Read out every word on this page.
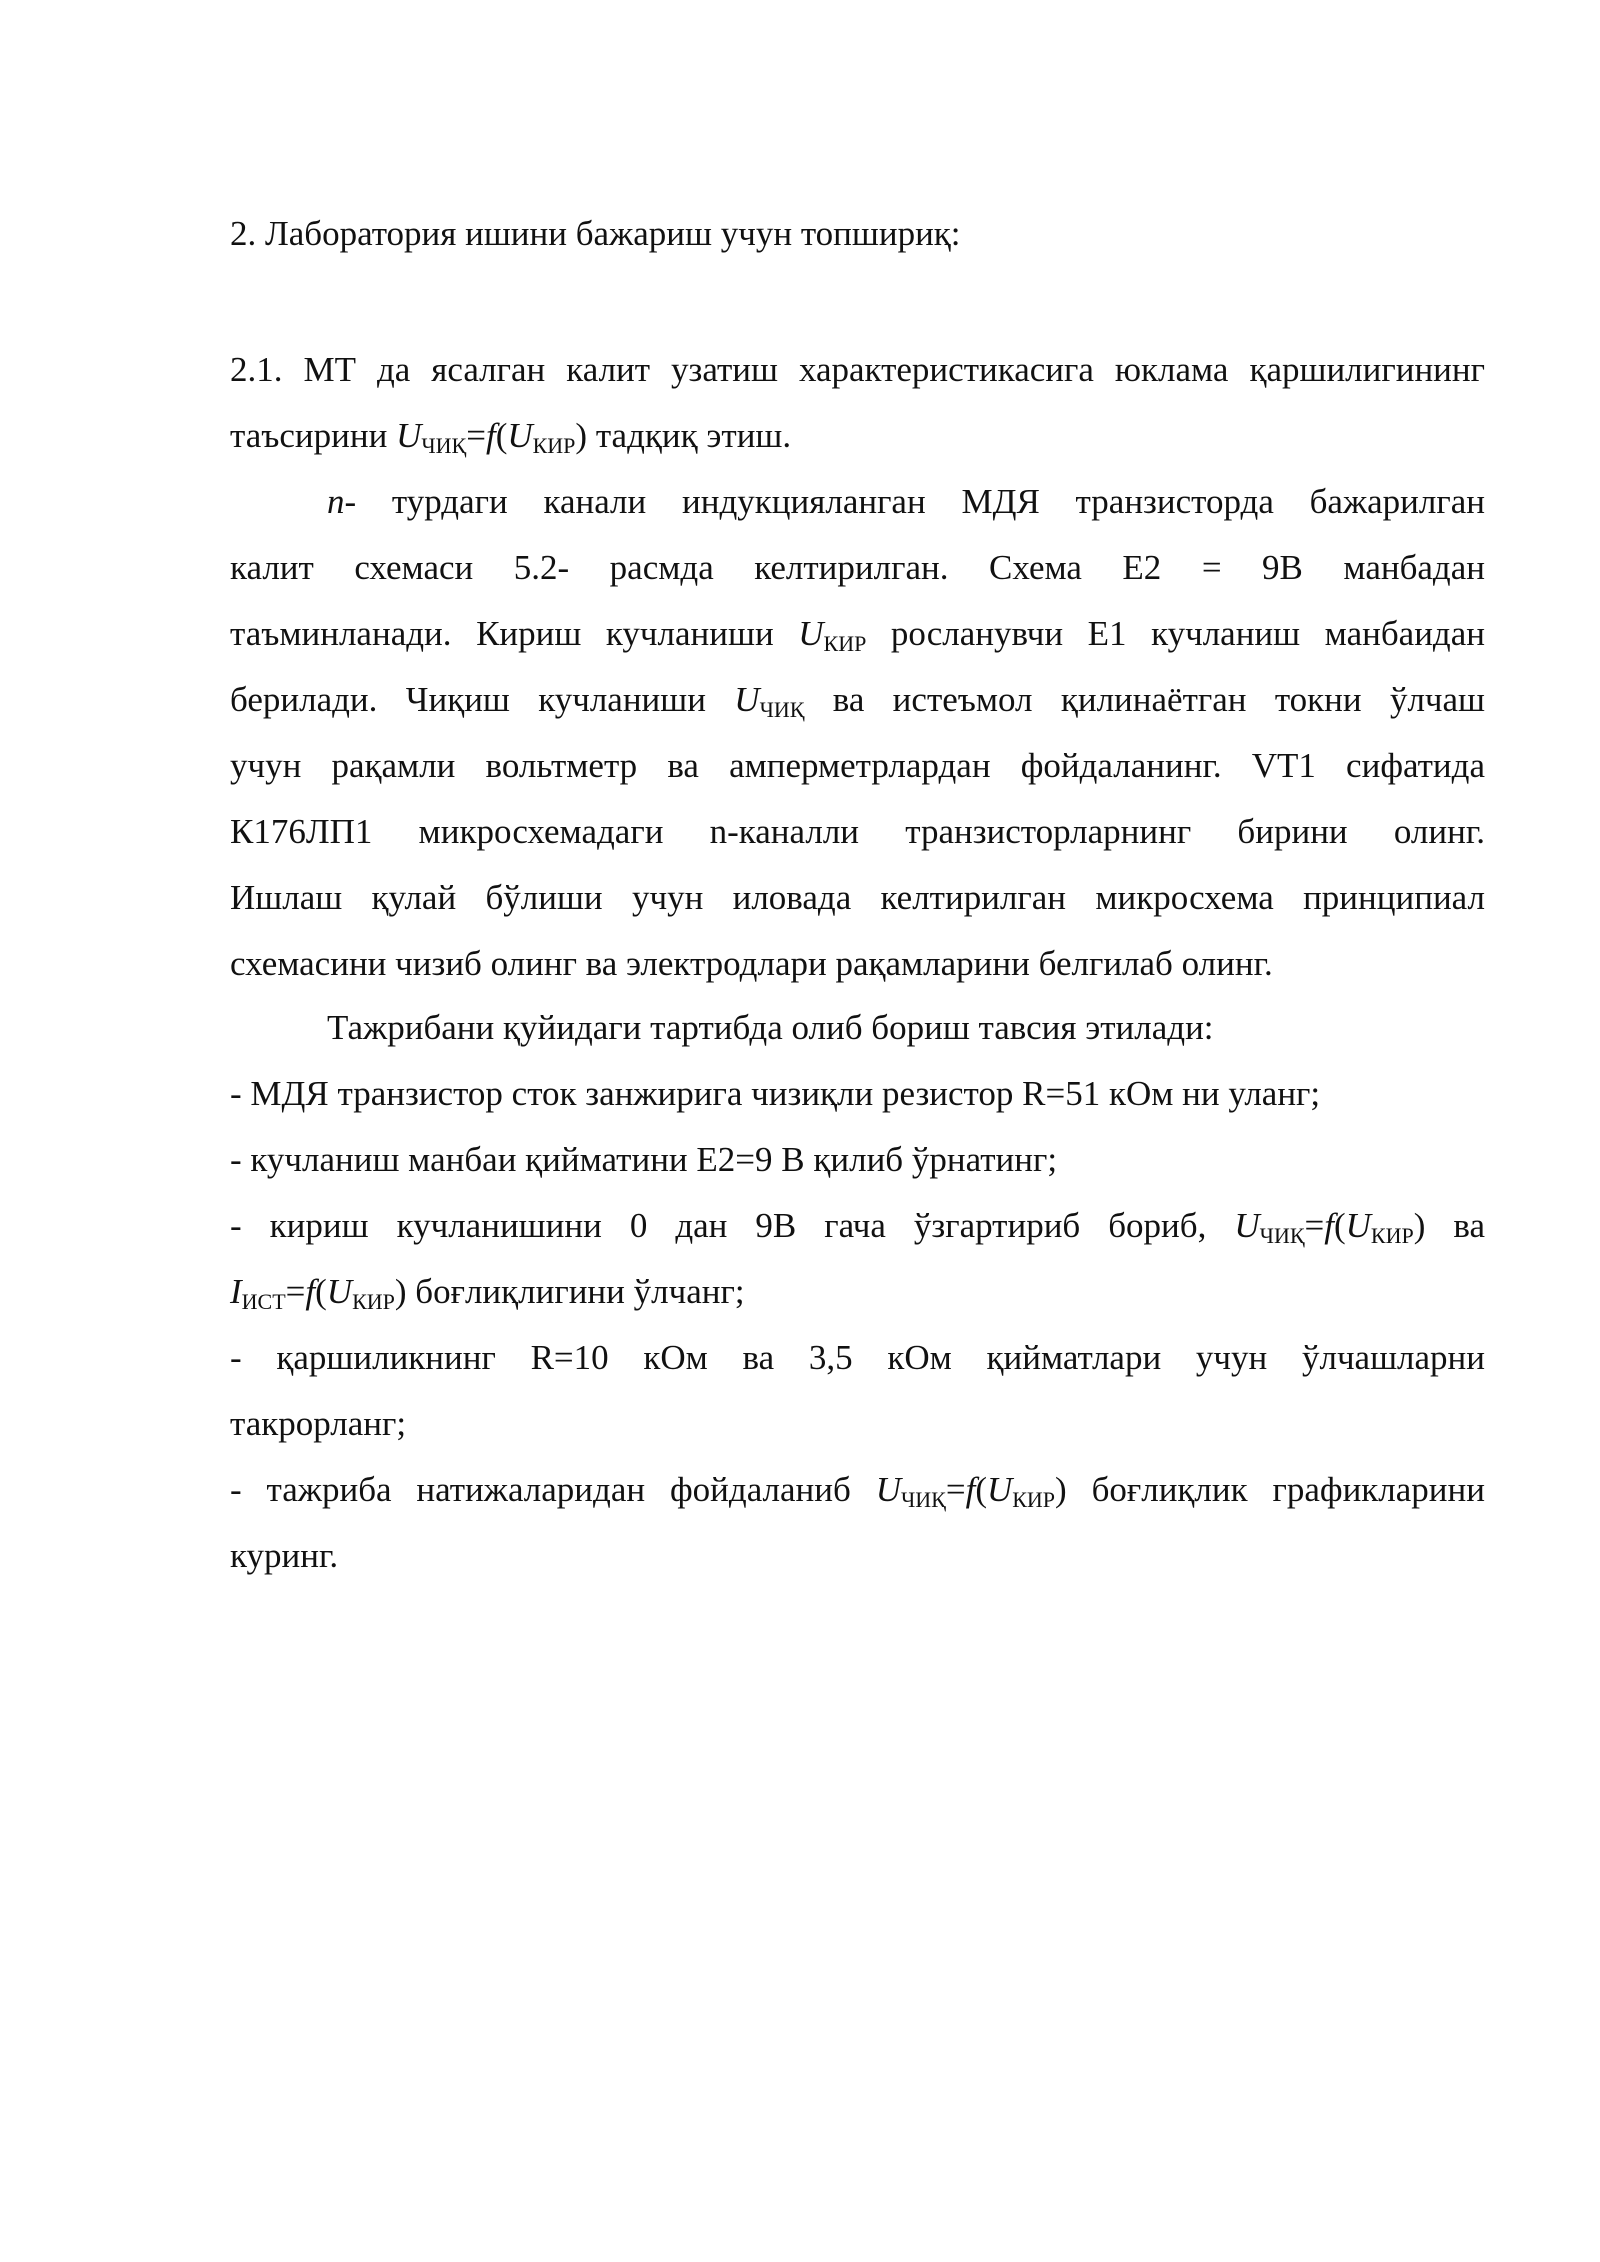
2. Лаборатория ишини бажариш учун топшириқ:
2.1. МТ да ясалган калит узатиш характеристикасига юклама қаршилигининг
таъсирини $U_{ЧИҚ}=f(U_{КИР})$ тадқиқ этиш.
n- турдаги канали индукцияланган МДЯ транзисторда бажарилган
калит схемаси 5.2- расмда келтирилган. Схема Е2 = 9В манбадан
таъминланади. Кириш кучланиши $U_{КИР}$ рослaнувчи Е1 кучланиш манбаидан
берилади. Чиқиш кучланиши $U_{ЧИҚ}$ ва истеъмол қилинаётган токни ўлчаш
учун рақамли вольтметр ва амперметрлардан фойдаланинг. VT1 сифатида
К176ЛП1 микросхемадаги n-каналли транзисторларнинг бирини олинг.
Ишлаш қулай бўлиши учун иловада келтирилган микросхема принципиал
схемасини чизиб олинг ва электродлари рақамларини белгилаб олинг.
Тажрибани қуйидаги тартибда олиб бориш тавсия этилади:
- МДЯ транзистор сток занжирига чизиқли резистор R=51 кОм ни уланг;
- кучланиш манбаи қийматини Е2=9 В қилиб ўрнатинг;
- кириш кучланишини 0 дан 9В гача ўзгартириб бориб, $U_{ЧИҚ}=f(U_{КИР})$ ва
$I_{ИСТ}=f(U_{КИР})$ боғлиқлигини ўлчанг;
- қаршиликнинг R=10 кОм ва 3,5 кОм қийматлари учун ўлчашларни
такрорланг;
- тажриба натижаларидан фойдаланиб $U_{ЧИҚ}=f(U_{КИР})$ боғлиқлик графикларини
куринг.
